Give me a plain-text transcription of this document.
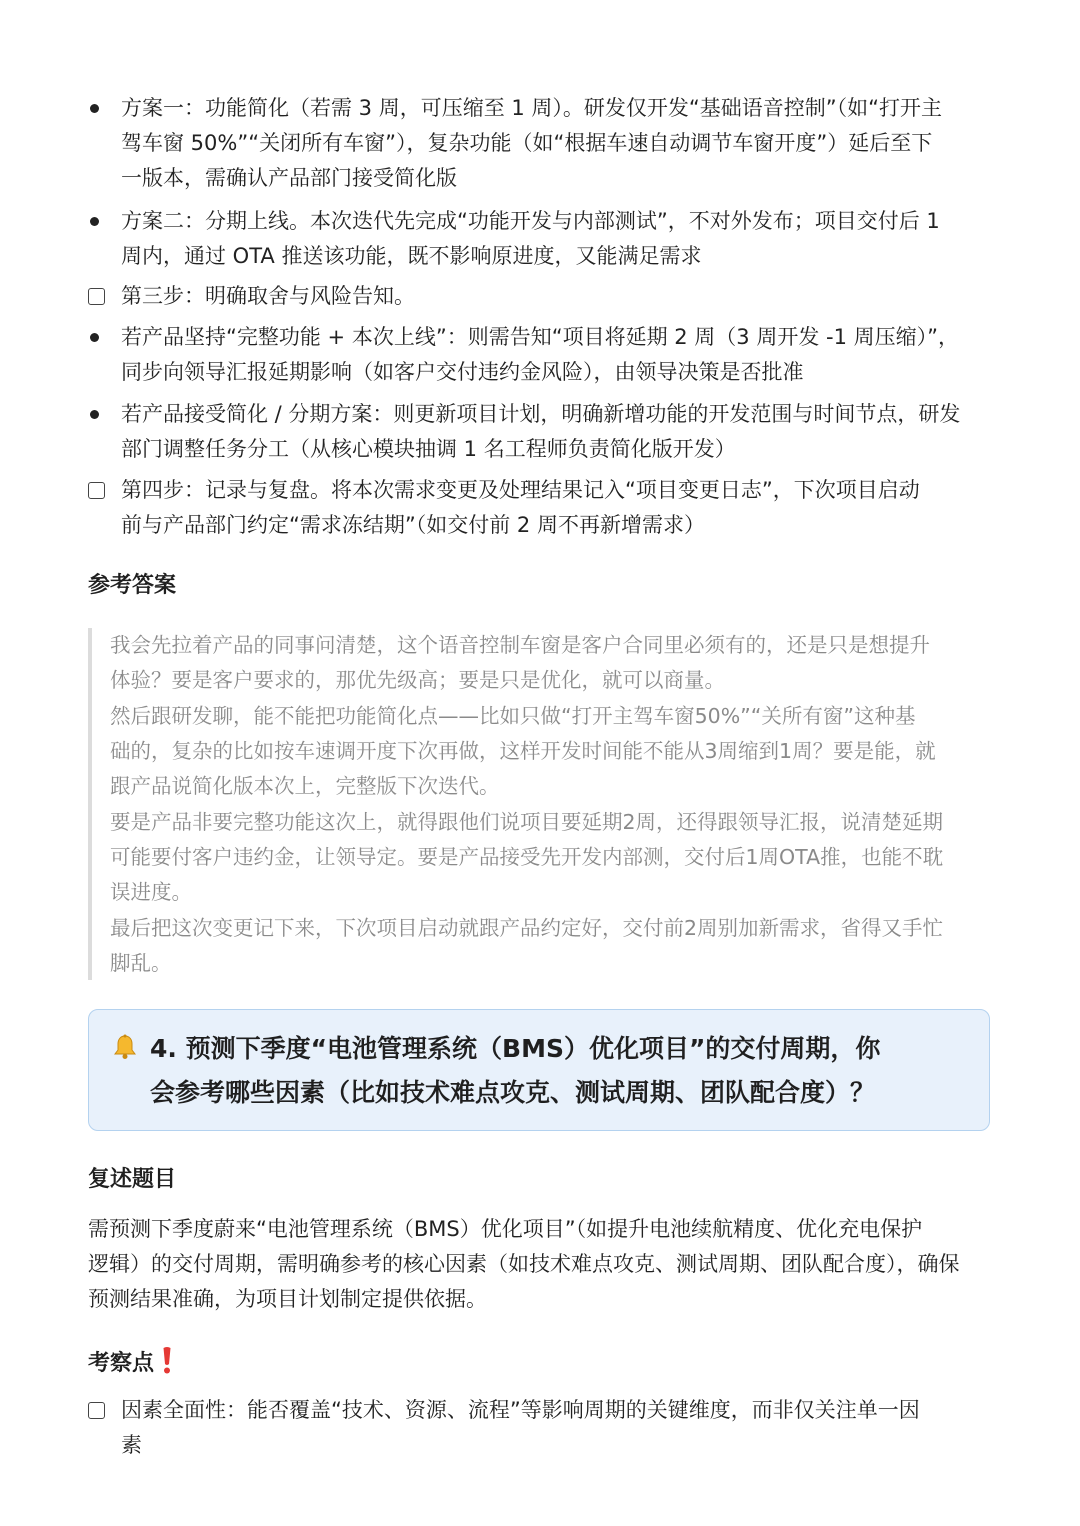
方案一：功能简化（若需 3 周，可压缩至 1 周）。研发仅开发“基础语音控制”（如“打开主
驾车窗 50%”“关闭所有车窗”），复杂功能（如“根据车速自动调节车窗开度”）延后至下
一版本，需确认产品部门接受简化版
方案二：分期上线。本次迭代先完成“功能开发与内部测试”，不对外发布；项目交付后 1
周内，通过 OTA 推送该功能，既不影响原进度，又能满足需求
第三步：明确取舍与风险告知。
若产品坚持“完整功能 + 本次上线”：则需告知“项目将延期 2 周（3 周开发 -1 周压缩）”，
同步向领导汇报延期影响（如客户交付违约金风险），由领导决策是否批准
若产品接受简化 / 分期方案：则更新项目计划，明确新增功能的开发范围与时间节点，研发
部门调整任务分工（从核心模块抽调 1 名工程师负责简化版开发）
第四步：记录与复盘。将本次需求变更及处理结果记入“项目变更日志”，下次项目启动
前与产品部门约定“需求冻结期”（如交付前 2 周不再新增需求）
参考答案
我会先拉着产品的同事问清楚，这个语音控制车窗是客户合同里必须有的，还是只是想提升
体验？要是客户要求的，那优先级高；要是只是优化，就可以商量。
然后跟研发聊，能不能把功能简化点——比如只做“打开主驾车窗50%”“关所有窗”这种基
础的，复杂的比如按车速调开度下次再做，这样开发时间能不能从3周缩到1周？要是能，就
跟产品说简化版本次上，完整版下次迭代。
要是产品非要完整功能这次上，就得跟他们说项目要延期2周，还得跟领导汇报，说清楚延期
可能要付客户违约金，让领导定。要是产品接受先开发内部测，交付后1周OTA推，也能不耽
误进度。
最后把这次变更记下来，下次项目启动就跟产品约定好，交付前2周别加新需求，省得又手忙
脚乱。
4. 预测下季度“电池管理系统（BMS）优化项目”的交付周期，你
会参考哪些因素（比如技术难点攻克、测试周期、团队配合度）？
复述题目
需预测下季度蔚来“电池管理系统（BMS）优化项目”（如提升电池续航精度、优化充电保护
逻辑）的交付周期，需明确参考的核心因素（如技术难点攻克、测试周期、团队配合度），确保
预测结果准确，为项目计划制定提供依据。
考察点
因素全面性：能否覆盖“技术、资源、流程”等影响周期的关键维度，而非仅关注单一因
素
